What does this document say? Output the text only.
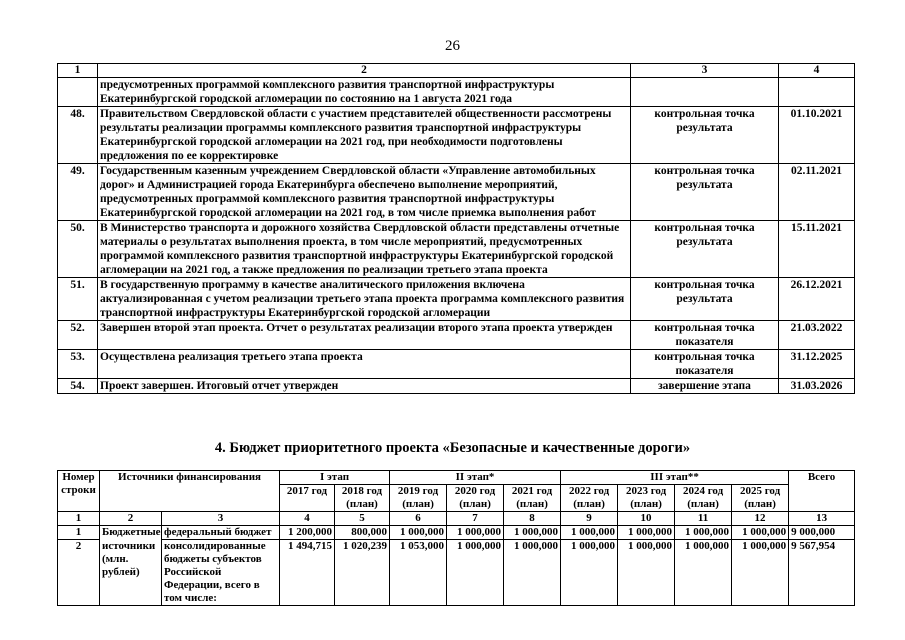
26
1	2	3	4
	предусмотренных программой комплексного развития транспортной инфраструктуры Екатеринбургской городской агломерации по состоянию на 1 августа 2021 года		
48.	Правительством Свердловской области с участием представителей общественности рассмотрены результаты реализации программы комплексного развития транспортной инфраструктуры Екатеринбургской городской агломерации на 2021 год, при необходимости подготовлены предложения по ее корректировке	контрольная точка результата	01.10.2021
49.	Государственным казенным учреждением Свердловской области «Управление автомобильных дорог» и Администрацией города Екатеринбурга обеспечено выполнение мероприятий, предусмотренных программой комплексного развития транспортной инфраструктуры Екатеринбургской городской агломерации на 2021 год, в том числе приемка выполнения работ	контрольная точка результата	02.11.2021
50.	В Министерство транспорта и дорожного хозяйства Свердловской области представлены отчетные материалы о результатах выполнения проекта, в том числе мероприятий, предусмотренных программой комплексного развития транспортной инфраструктуры Екатеринбургской городской агломерации на 2021 год, а также предложения по реализации третьего этапа проекта	контрольная точка результата	15.11.2021
51.	В государственную программу в качестве аналитического приложения включена актуализированная с учетом реализации третьего этапа проекта программа комплексного развития транспортной инфраструктуры Екатеринбургской городской агломерации	контрольная точка результата	26.12.2021
52.	Завершен второй этап проекта. Отчет о результатах реализации второго этапа проекта утвержден	контрольная точка показателя	21.03.2022
53.	Осуществлена реализация третьего этапа проекта	контрольная точка показателя	31.12.2025
54.	Проект завершен. Итоговый отчет утвержден	завершение этапа	31.03.2026
4. Бюджет приоритетного проекта «Безопасные и качественные дороги»
Номер строки	Источники финансирования		I этап		II этап*			III этап**				Всего
			2017 год	2018 год (план)	2019 год (план)	2020 год (план)	2021 год (план)	2022 год (план)	2023 год (план)	2024 год (план)	2025 год (план)	
1	2	3	4	5	6	7	8	9	10	11	12	13
1	Бюджетные	федеральный бюджет	1 200,000	800,000	1 000,000	1 000,000	1 000,000	1 000,000	1 000,000	1 000,000	1 000,000	9 000,000
2	источники (млн. рублей)	консолидированные бюджеты субъектов Российской Федерации, всего в том числе:	1 494,715	1 020,239	1 053,000	1 000,000	1 000,000	1 000,000	1 000,000	1 000,000	1 000,000	9 567,954
